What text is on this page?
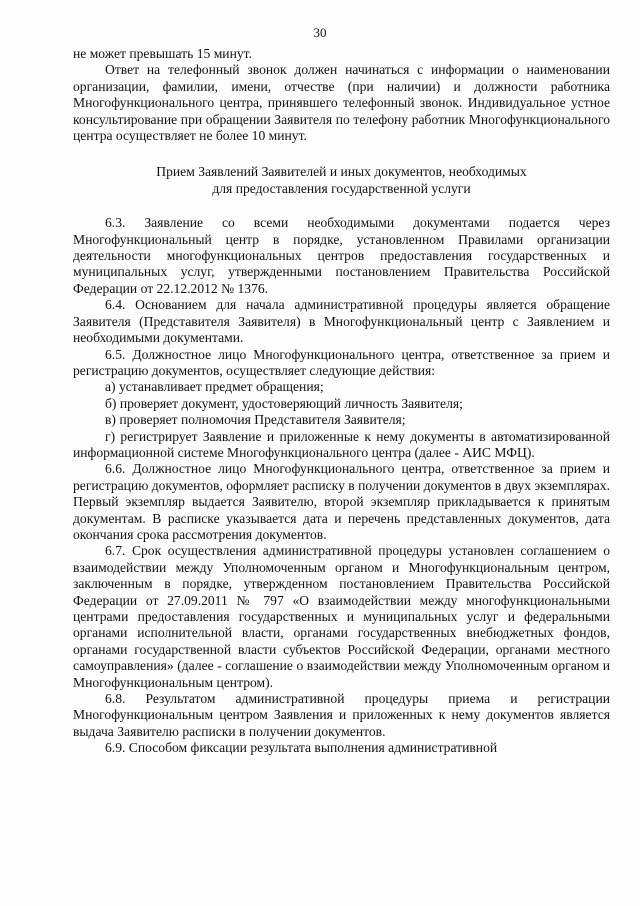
30

не может превышать 15 минут.

Ответ на телефонный звонок должен начинаться с информации о наименовании организации, фамилии, имени, отчестве (при наличии) и должности работника Многофункционального центра, принявшего телефонный звонок. Индивидуальное устное консультирование при обращении Заявителя по телефону работник Многофункционального центра осуществляет не более 10 минут.

Прием Заявлений Заявителей и иных документов, необходимых
для предоставления государственной услуги

6.3. Заявление со всеми необходимыми документами подается через Многофункциональный центр в порядке, установленном Правилами организации деятельности многофункциональных центров предоставления государственных и муниципальных услуг, утвержденными постановлением Правительства Российской Федерации от 22.12.2012 № 1376.

6.4. Основанием для начала административной процедуры является обращение Заявителя (Представителя Заявителя) в Многофункциональный центр с Заявлением и необходимыми документами.

6.5. Должностное лицо Многофункционального центра, ответственное за прием и регистрацию документов, осуществляет следующие действия:

а) устанавливает предмет обращения;

б) проверяет документ, удостоверяющий личность Заявителя;

в) проверяет полномочия Представителя Заявителя;

г) регистрирует Заявление и приложенные к нему документы в автоматизированной информационной системе Многофункционального центра (далее - АИС МФЦ).

6.6. Должностное лицо Многофункционального центра, ответственное за прием и регистрацию документов, оформляет расписку в получении документов в двух экземплярах. Первый экземпляр выдается Заявителю, второй экземпляр прикладывается к принятым документам. В расписке указывается дата и перечень представленных документов, дата окончания срока рассмотрения документов.

6.7. Срок осуществления административной процедуры установлен соглашением о взаимодействии между Уполномоченным органом и Многофункциональным центром, заключенным в порядке, утвержденном постановлением Правительства Российской Федерации от 27.09.2011 № 797 «О взаимодействии между многофункциональными центрами предоставления государственных и муниципальных услуг и федеральными органами исполнительной власти, органами государственных внебюджетных фондов, органами государственной власти субъектов Российской Федерации, органами местного самоуправления» (далее - соглашение о взаимодействии между Уполномоченным органом и Многофункциональным центром).

6.8. Результатом административной процедуры приема и регистрации Многофункциональным центром Заявления и приложенных к нему документов является выдача Заявителю расписки в получении документов.

6.9. Способом фиксации результата выполнения административной
